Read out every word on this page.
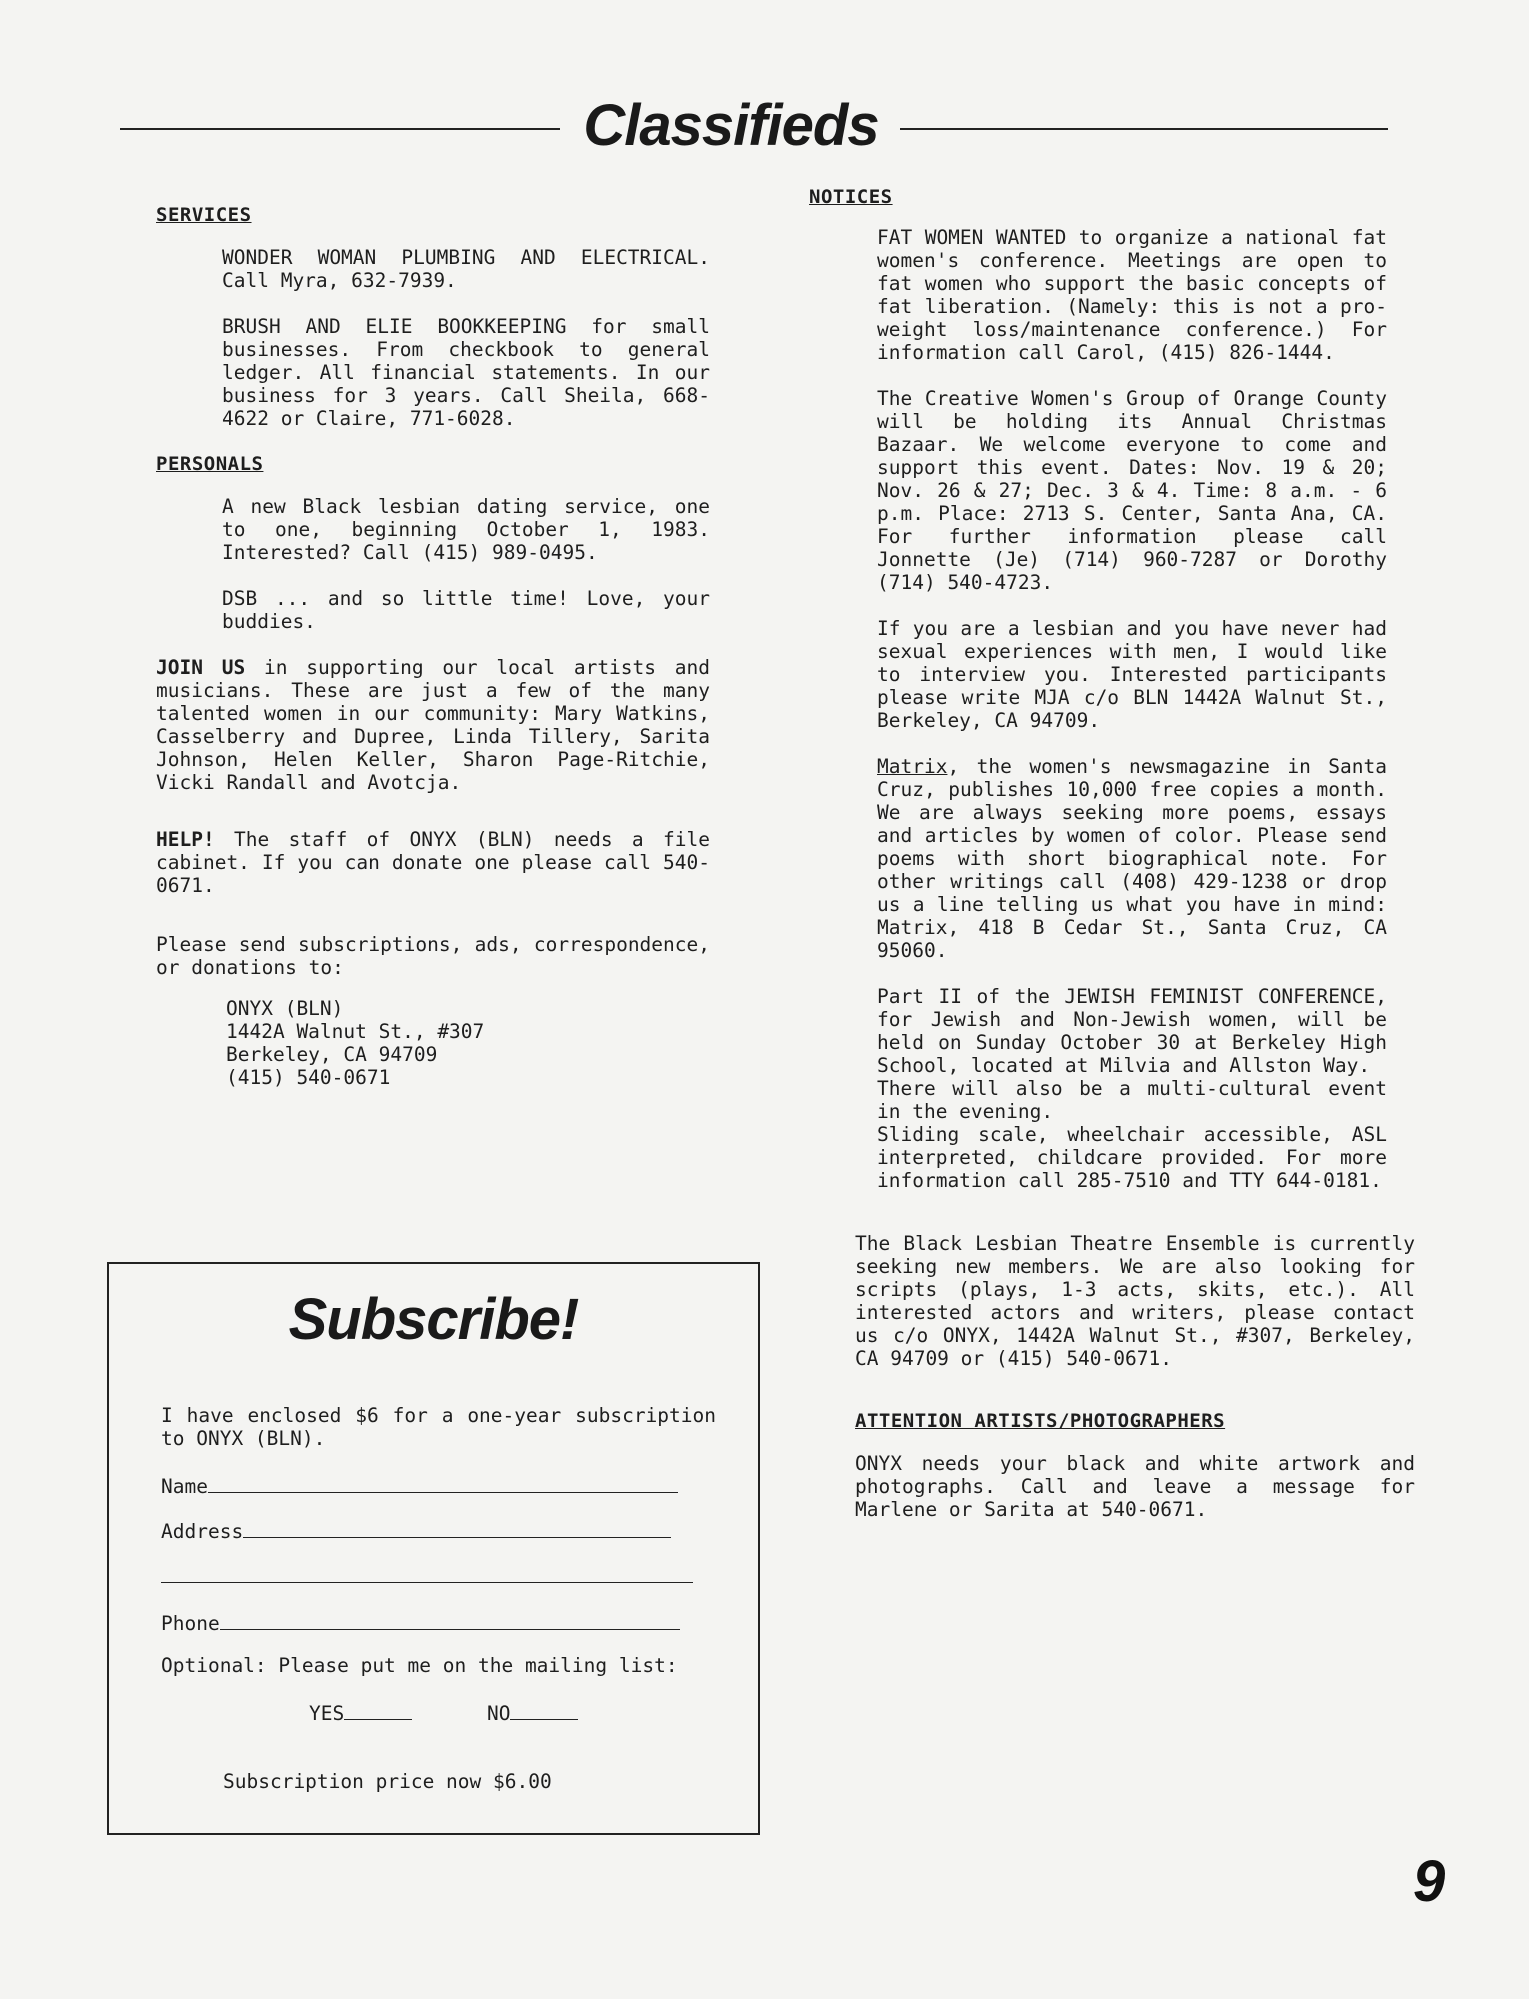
Classifieds
SERVICES
WONDER WOMAN PLUMBING AND ELECTRICAL. Call Myra, 632-7939.
BRUSH AND ELIE BOOKKEEPING for small businesses. From checkbook to general ledger. All financial statements. In our business for 3 years. Call Sheila, 668-4622 or Claire, 771-6028.
PERSONALS
A new Black lesbian dating service, one to one, beginning October 1, 1983. Interested? Call (415) 989-0495.
DSB ... and so little time! Love, your buddies.
JOIN US in supporting our local artists and musicians. These are just a few of the many talented women in our community: Mary Watkins, Casselberry and Dupree, Linda Tillery, Sarita Johnson, Helen Keller, Sharon Page-Ritchie, Vicki Randall and Avotcja.
HELP! The staff of ONYX (BLN) needs a file cabinet. If you can donate one please call 540-0671.
Please send subscriptions, ads, correspondence, or donations to:
ONYX (BLN)
1442A Walnut St., #307
Berkeley, CA 94709
(415) 540-0671
Subscribe!
I have enclosed $6 for a one-year subscription to ONYX (BLN).
Name
Address
Phone
Optional: Please put me on the mailing list:
YES	NO
Subscription price now $6.00
NOTICES
FAT WOMEN WANTED to organize a national fat women's conference. Meetings are open to fat women who support the basic concepts of fat liberation. (Namely: this is not a pro-weight loss/maintenance conference.) For information call Carol, (415) 826-1444.
The Creative Women's Group of Orange County will be holding its Annual Christmas Bazaar. We welcome everyone to come and support this event. Dates: Nov. 19 & 20; Nov. 26 & 27; Dec. 3 & 4. Time: 8 a.m. - 6 p.m. Place: 2713 S. Center, Santa Ana, CA. For further information please call Jonnette (Je) (714) 960-7287 or Dorothy (714) 540-4723.
If you are a lesbian and you have never had sexual experiences with men, I would like to interview you. Interested participants please write MJA c/o BLN 1442A Walnut St., Berkeley, CA 94709.
Matrix, the women's newsmagazine in Santa Cruz, publishes 10,000 free copies a month. We are always seeking more poems, essays and articles by women of color. Please send poems with short biographical note. For other writings call (408) 429-1238 or drop us a line telling us what you have in mind: Matrix, 418 B Cedar St., Santa Cruz, CA 95060.
Part II of the JEWISH FEMINIST CONFERENCE, for Jewish and Non-Jewish women, will be held on Sunday October 30 at Berkeley High School, located at Milvia and Allston Way.
There will also be a multi-cultural event in the evening.
Sliding scale, wheelchair accessible, ASL interpreted, childcare provided. For more information call 285-7510 and TTY 644-0181.
The Black Lesbian Theatre Ensemble is currently seeking new members. We are also looking for scripts (plays, 1-3 acts, skits, etc.). All interested actors and writers, please contact us c/o ONYX, 1442A Walnut St., #307, Berkeley, CA 94709 or (415) 540-0671.
ATTENTION ARTISTS/PHOTOGRAPHERS
ONYX needs your black and white artwork and photographs. Call and leave a message for Marlene or Sarita at 540-0671.
9
